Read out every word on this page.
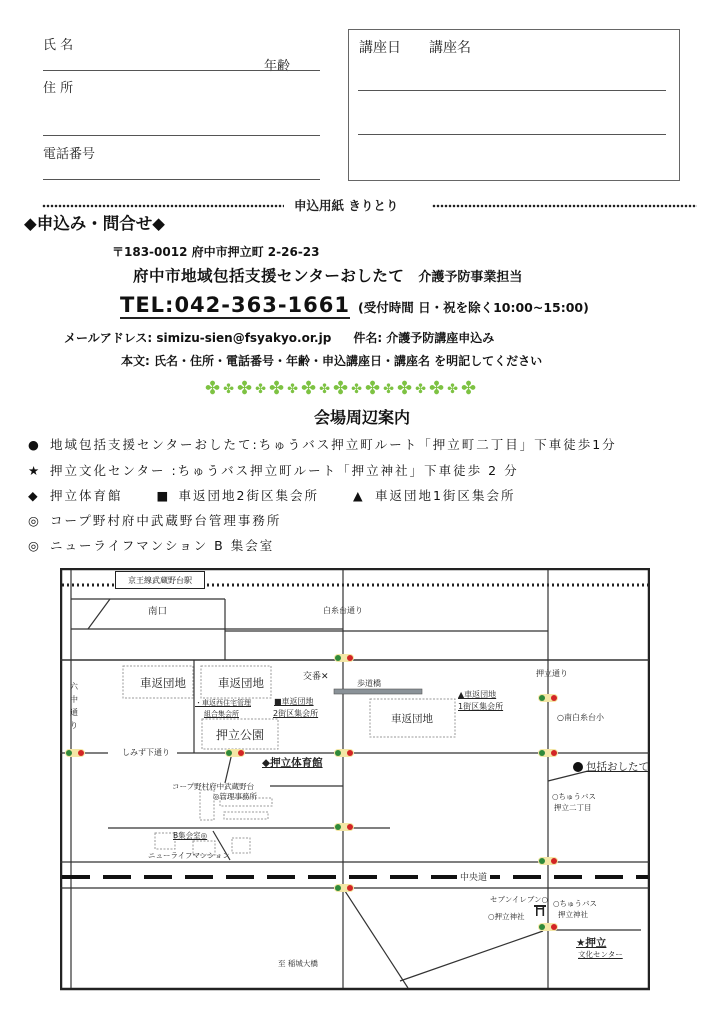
氏 名
年齢
住 所
電話番号
講座日 講座名
申込用紙 きりとり
◆申込み・問合せ◆
〒183-0012 府中市押立町 2-26-23
府中市地域包括支援センターおしたて 介護予防事業担当
TEL:042-363-1661 (受付時間 日・祝を除く10:00~15:00)
メールアドレス: simizu-sien@fsyakyo.or.jp 件名: 介護予防講座申込み
本文: 氏名・住所・電話番号・年齢・申込講座日・講座名 を明記してください
✤ ✤ ✤ ✤ ✤ ✤ ✤ ✤ ✤ ✤ ✤ ✤ ✤ ✤ ✤ ✤ ✤
会場周辺案内
● 地域包括支援センターおしたて:ちゅうバス押立町ルート「押立町二丁目」下車徒歩1分
★ 押立文化センター :ちゅうバス押立町ルート「押立神社」下車徒歩 2 分
◆ 押立体育館	■ 車返団地2街区集会所	▲ 車返団地1街区集会所
◎ コープ野村府中武蔵野台管理事務所
◎ ニューライフマンション B 集会室
京王線武蔵野台駅
南口	白糸台通り
六
中
通
り
車返団地	車返団地
・車返西住宅管理
組合集会所
■車返団地
2街区集会所
押立公園
交番✕
歩道橋
車返団地
▲車返団地
1街区集会所
押立通り
○南白糸台小
しみず下通り
◆押立体育館	包括おしたて
○ちゅうバス
押立二丁目
コープ野村府中武蔵野台
◎管理事務所
B集会室◎
ニューライフマンション
中央道
セブンイレブン○
○押立神社
○ちゅうバス
押立神社
★押立
文化センター
至 稲城大橋
